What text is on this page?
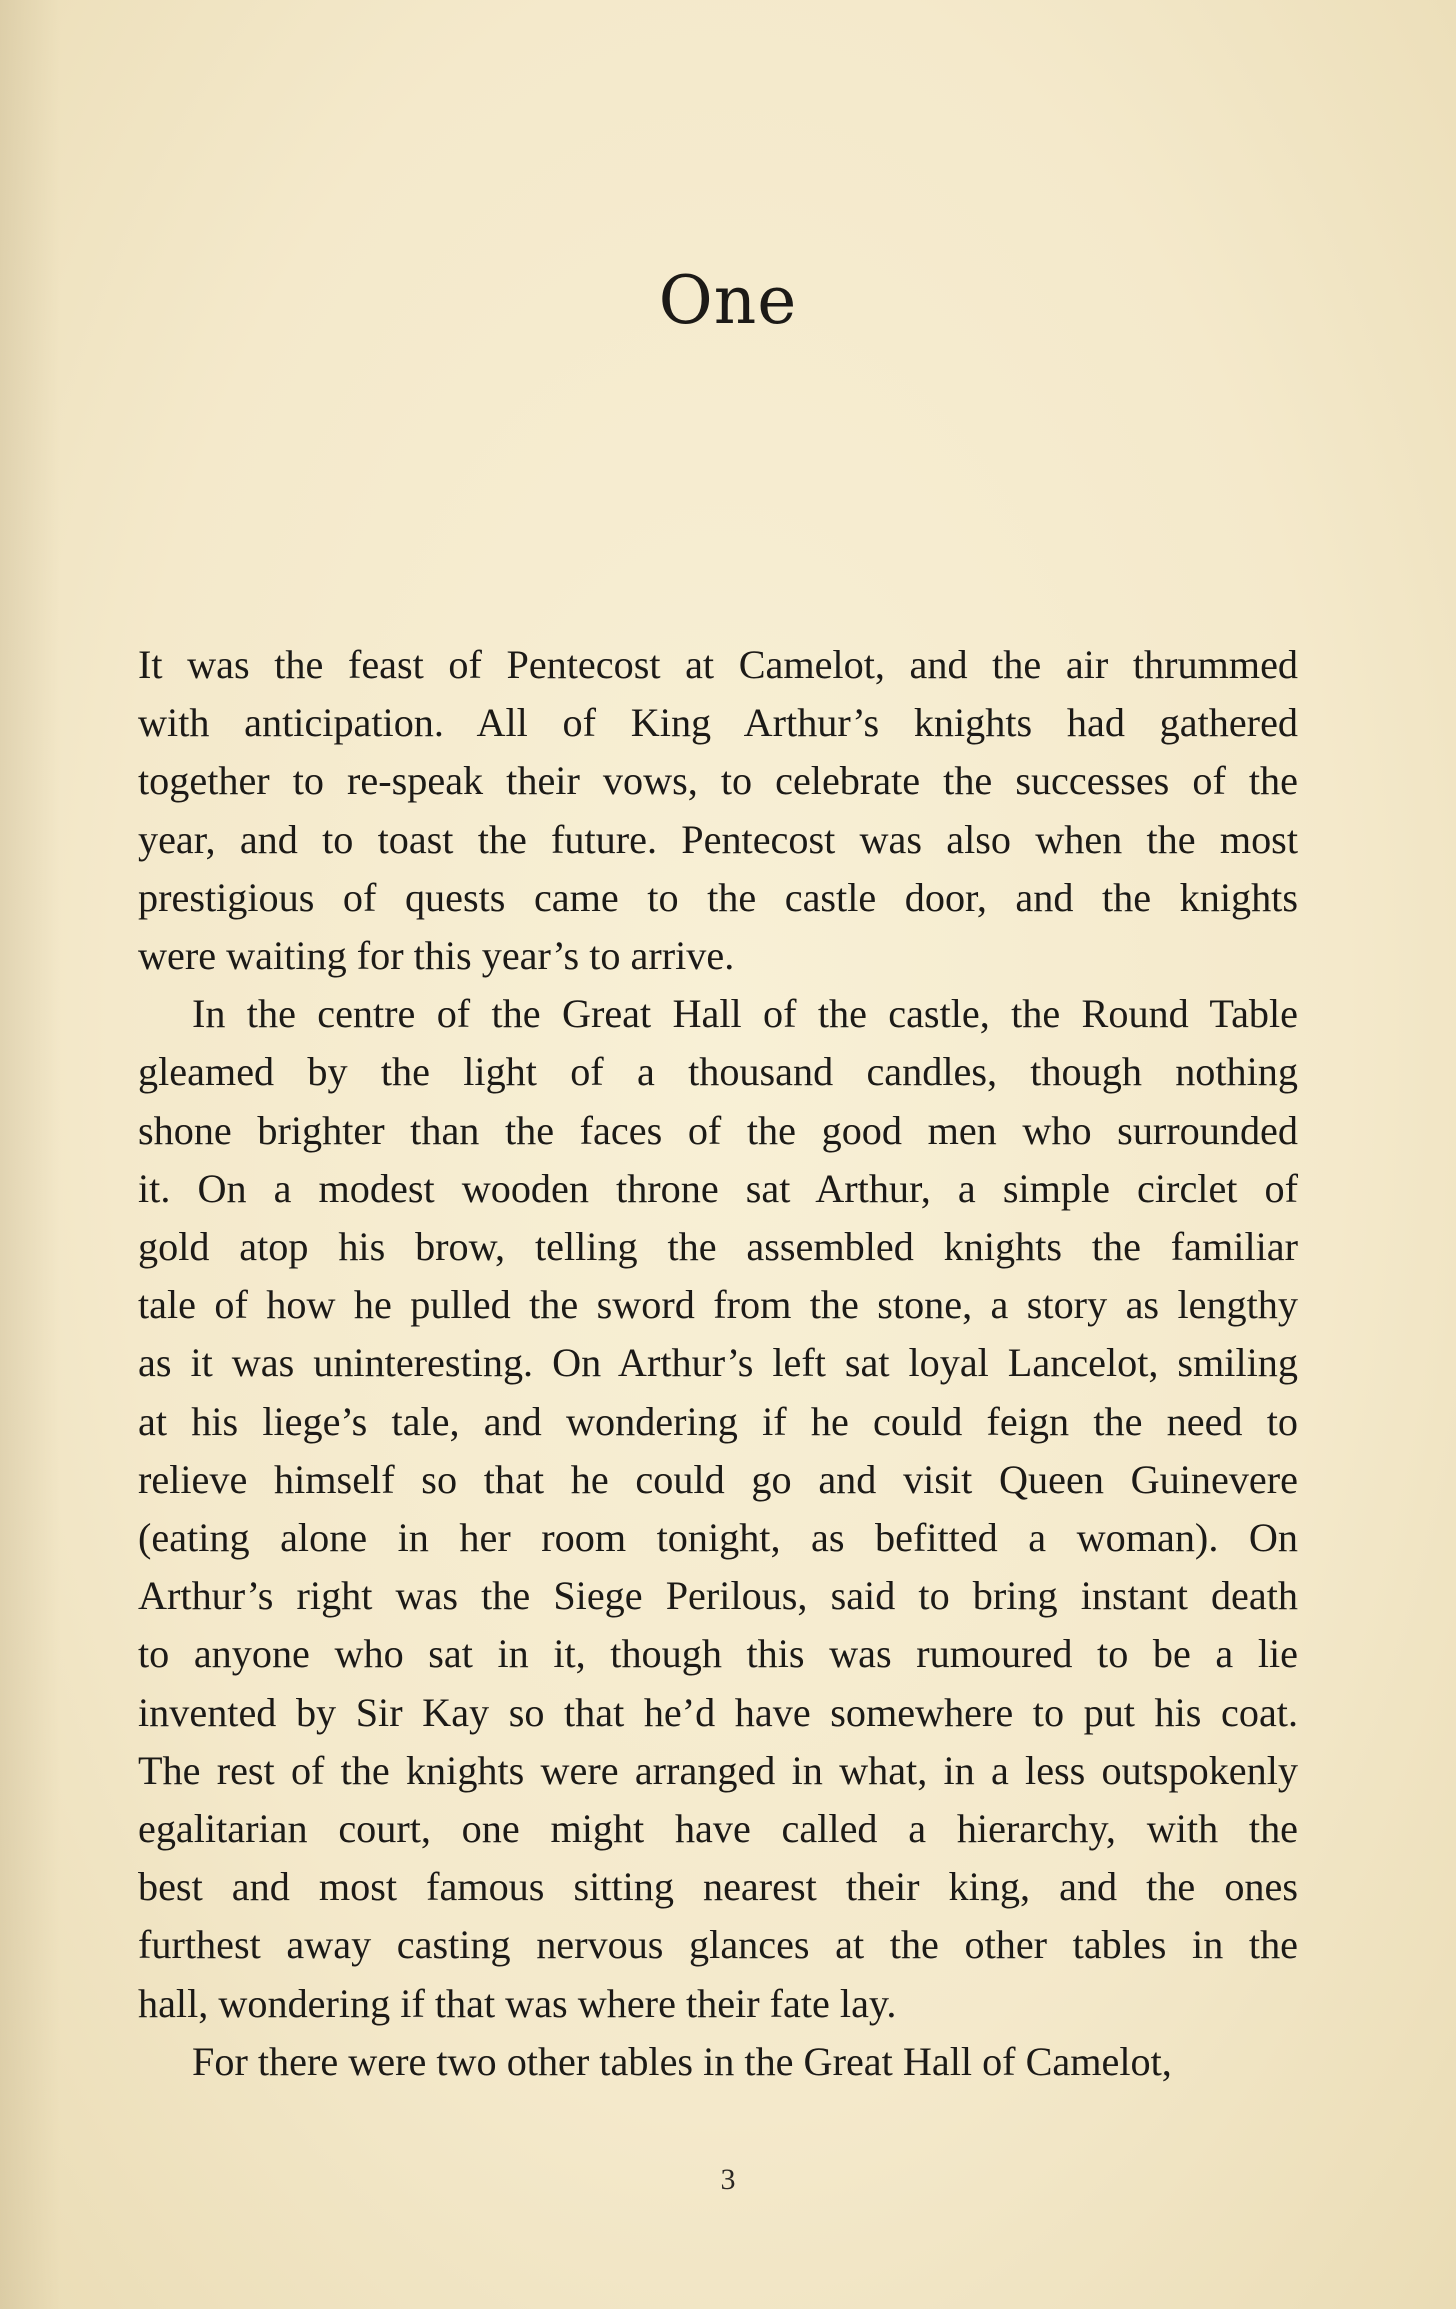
One
It was the feast of Pentecost at Camelot, and the air thrummed
with anticipation. All of King Arthur’s knights had gathered
together to re-speak their vows, to celebrate the successes of the
year, and to toast the future. Pentecost was also when the most
prestigious of quests came to the castle door, and the knights
were waiting for this year’s to arrive.
In the centre of the Great Hall of the castle, the Round Table
gleamed by the light of a thousand candles, though nothing
shone brighter than the faces of the good men who surrounded
it. On a modest wooden throne sat Arthur, a simple circlet of
gold atop his brow, telling the assembled knights the familiar
tale of how he pulled the sword from the stone, a story as lengthy
as it was uninteresting. On Arthur’s left sat loyal Lancelot, smiling
at his liege’s tale, and wondering if he could feign the need to
relieve himself so that he could go and visit Queen Guinevere
(eating alone in her room tonight, as befitted a woman). On
Arthur’s right was the Siege Perilous, said to bring instant death
to anyone who sat in it, though this was rumoured to be a lie
invented by Sir Kay so that he’d have somewhere to put his coat.
The rest of the knights were arranged in what, in a less outspokenly
egalitarian court, one might have called a hierarchy, with the
best and most famous sitting nearest their king, and the ones
furthest away casting nervous glances at the other tables in the
hall, wondering if that was where their fate lay.
For there were two other tables in the Great Hall of Camelot,
3
